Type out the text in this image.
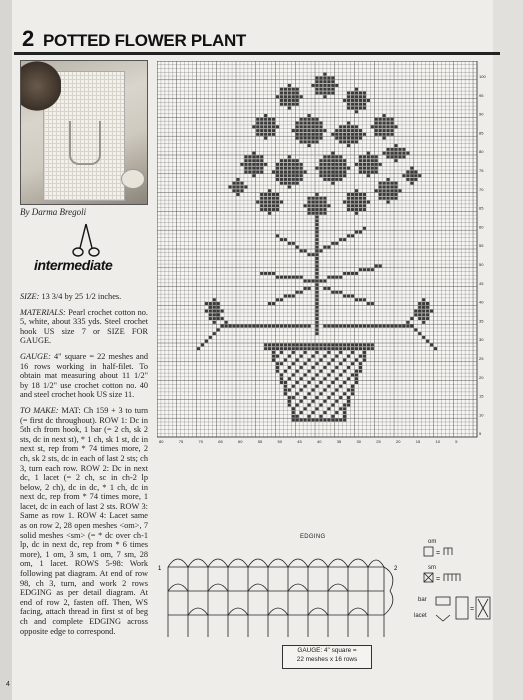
2 POTTED FLOWER PLANT
By Darma Bregoli
intermediate

SIZE: 13 3/4 by 25 1/2 inches.

MATERIALS: Pearl crochet cotton no. 5, white, about 335 yds. Steel crochet hook US size 7 or SIZE FOR GAUGE.

GAUGE: 4" square = 22 meshes and 16 rows working in half-filet. To obtain mat measuring about 11 1/2" by 18 1/2" use crochet cotton no. 40 and steel crochet hook US size 11.

TO MAKE: MAT: Ch 159 + 3 to turn (= first dc throughout). ROW 1: Dc in 5th ch from hook, 1 bar (= 2 ch, sk 2 sts, dc in next st), * 1 ch, sk 1 st, dc in next st, rep from * 74 times more, 2 ch, sk 2 sts, dc in each of last 2 sts; ch 3, turn each row. ROW 2: Dc in next dc, 1 lacet (= 2 ch, sc in ch-2 lp below, 2 ch), dc in dc, * 1 ch, dc in next dc, rep from * 74 times more, 1 lacet, dc in each of last 2 sts. ROW 3: Same as row 1. ROW 4: Lacet same as on row 2, 28 open meshes <om>, 7 solid meshes <sm> (= * dc over ch-1 lp, dc in next dc, rep from * 6 times more), 1 om, 3 sm, 1 om, 7 sm, 28 om, 1 lacet. ROWS 5-98: Work following pat diagram. At end of row 98, ch 3, turn, and work 2 rows EDGING as per detail diagram. At end of row 2, fasten off. Then, WS facing, attach thread in first st of beg ch and complete EDGING across opposite edge to correspond.

100
95
90
85
80
75
70
65
60
55
50
45
40
35
30
25
20
15
10
5
80	75	70	65	60	55	50	45	40	35	30	25	20	15	10	5
EDGING
1	2
om
=
=
=
sm
bar
lacet
GAUGE: 4" square =
22 meshes x 16 rows
4
